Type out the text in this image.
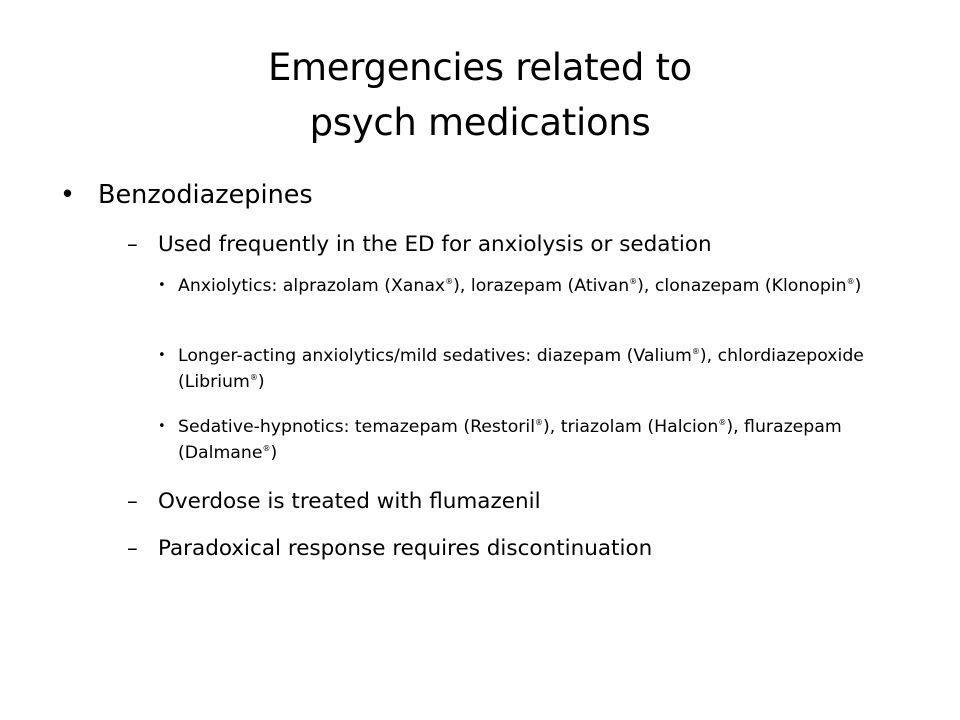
Emergencies related to
psych medications
• Benzodiazepines
– Used frequently in the ED for anxiolysis or sedation
• Anxiolytics: alprazolam (Xanax®), lorazepam (Ativan®), clonazepam (Klonopin®)
• Longer-acting anxiolytics/mild sedatives: diazepam (Valium®), chlordiazepoxide (Librium®)
• Sedative-hypnotics: temazepam (Restoril®), triazolam (Halcion®), flurazepam (Dalmane®)
– Overdose is treated with flumazenil
– Paradoxical response requires discontinuation
